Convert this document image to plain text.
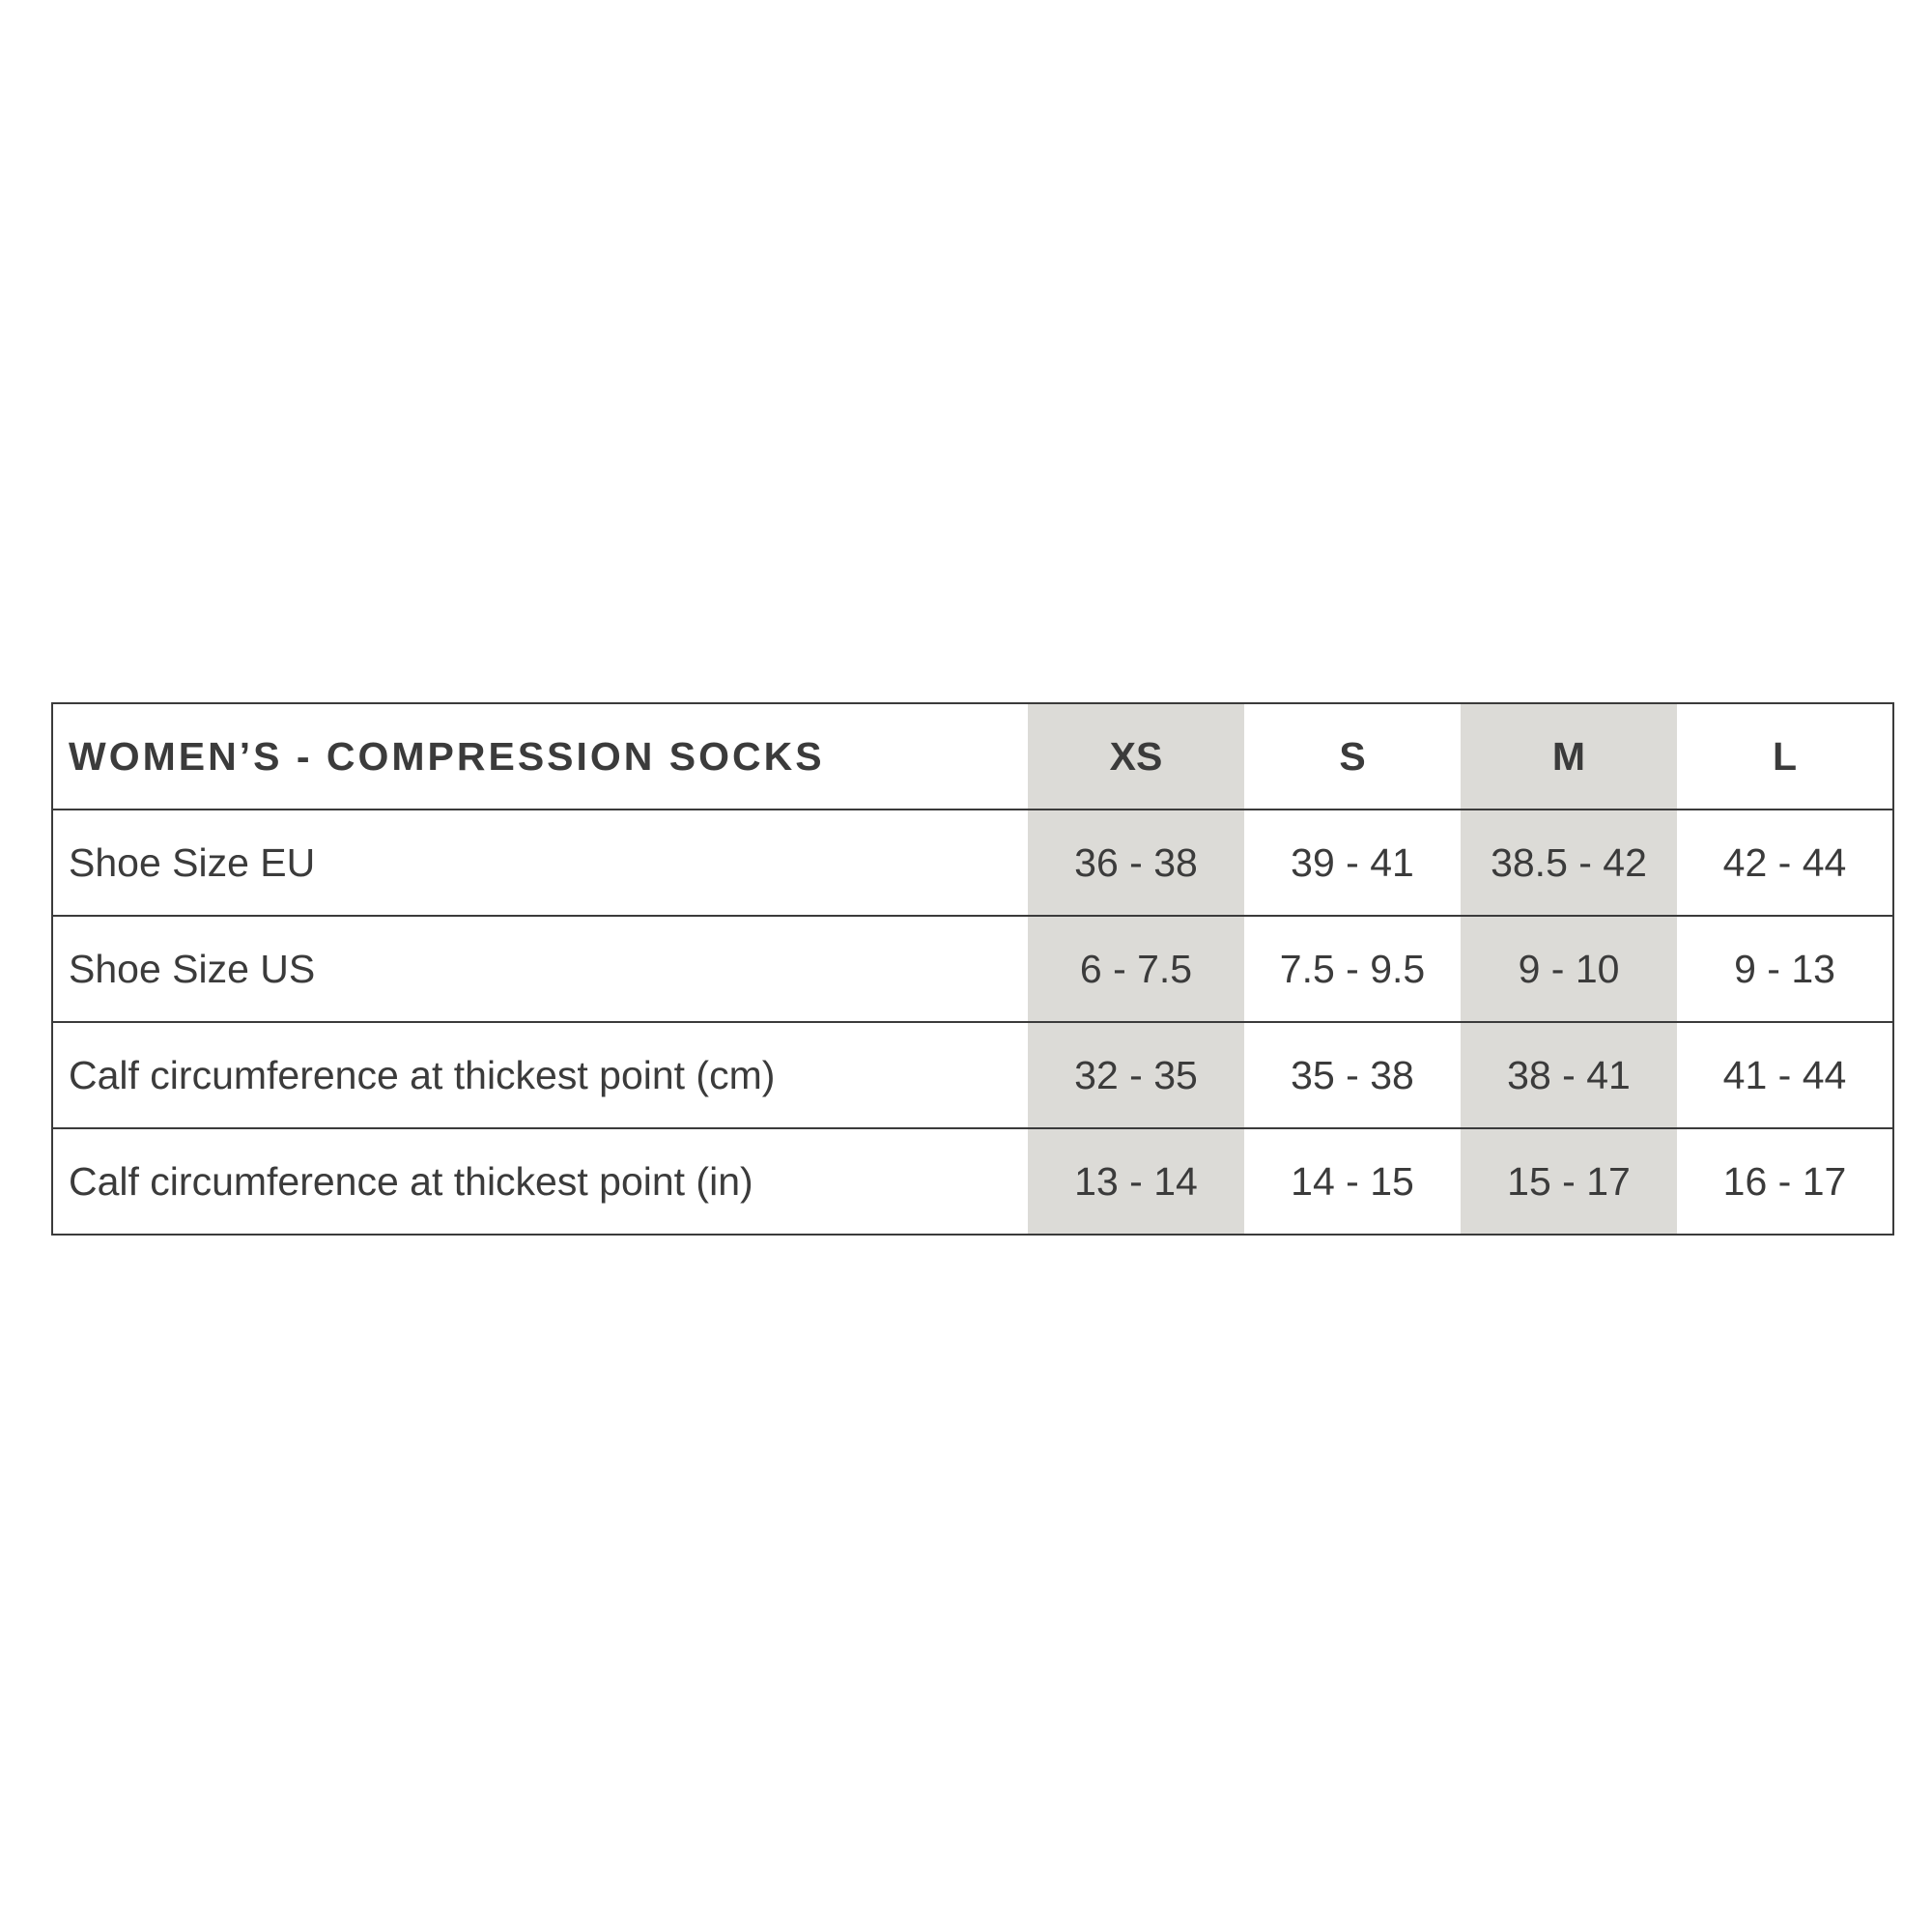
WOMEN’S - COMPRESSION SOCKS	XS	S	M	L
Shoe Size EU	36 - 38	39 - 41	38.5 - 42	42 - 44
Shoe Size US	6 - 7.5	7.5 - 9.5	9 - 10	9 - 13
Calf circumference at thickest point (cm)	32 - 35	35 - 38	38 - 41	41 - 44
Calf circumference at thickest point (in)	13 - 14	14 - 15	15 - 17	16 - 17
